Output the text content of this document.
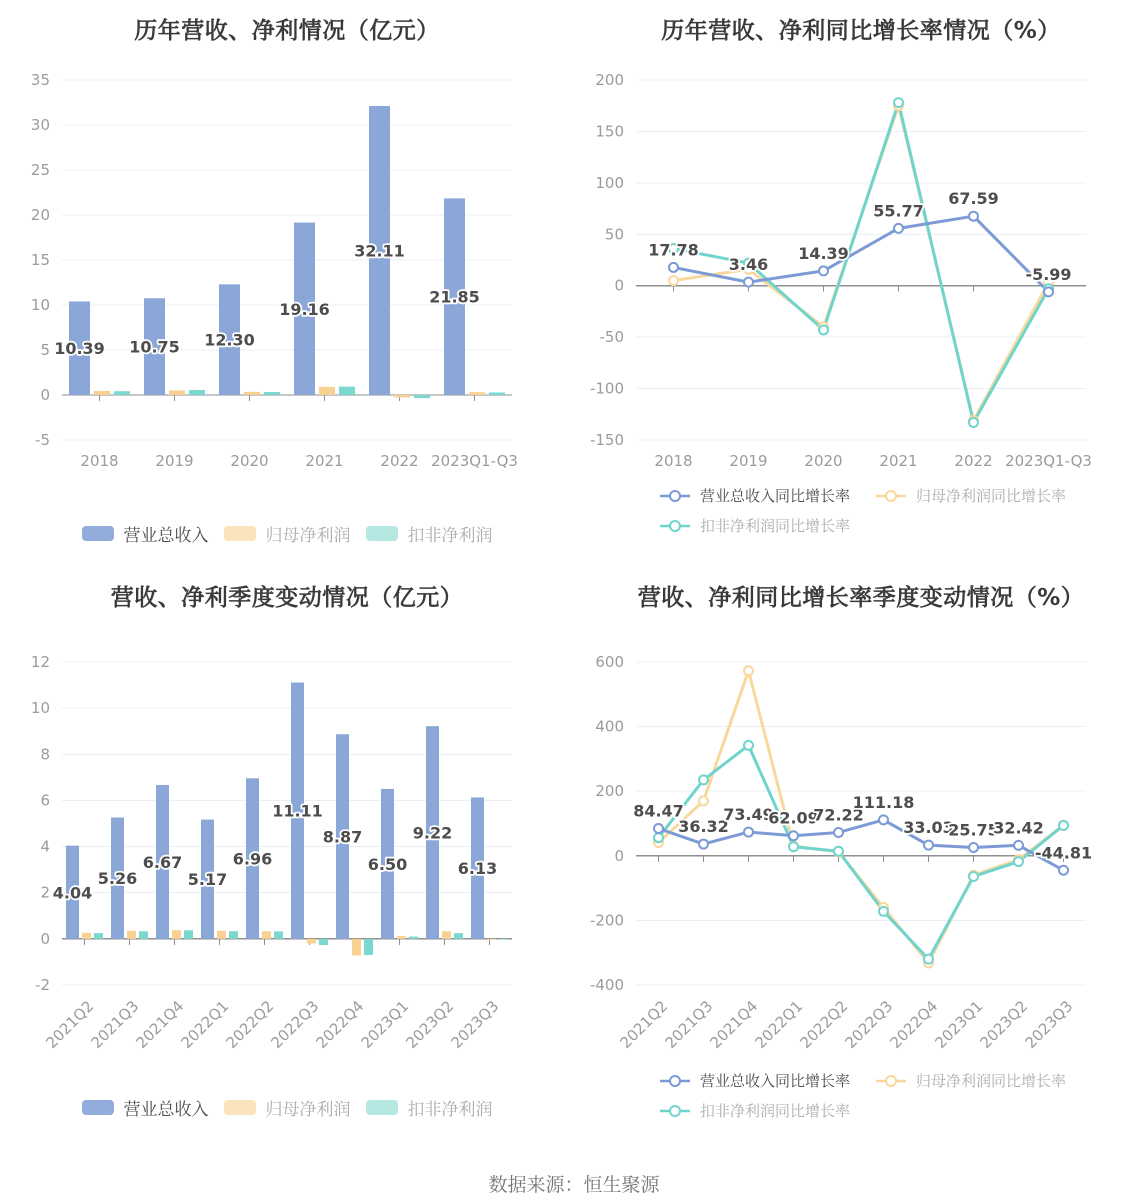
历年营收、净利情况（亿元）
-5
0
5
10
15
20
25
30
35
2018 2019 2020 2021 2022 2023Q1-Q3
10.39 10.75 12.30
19.16
32.11
21.85
营业总收入	归母净利润	扣非净利润
历年营收、净利同比增长率情况（%）
-150
-100
-50
0
50
100
150
200
2018 2019 2020 2021 2022 2023Q1-Q3
17.78
3.46
14.39
55.77
67.59
-5.99
营业总收入同比增长率	归母净利润同比增长率
扣非净利润同比增长率
营收、净利季度变动情况（亿元）
-2
0
2
4
6
8
10
12
2021Q2
2021Q3
2021Q4
2022Q1
2022Q2
2022Q3
2022Q4
2023Q1
2023Q2
2023Q3
4.04
5.26
6.67
5.17
6.96
11.11
8.87
6.50
9.22
6.13
营业总收入	归母净利润	扣非净利润
营收、净利同比增长率季度变动情况（%）
-400
-200
0
200
400
600
2021Q2
2021Q3
2021Q4
2022Q1
2022Q2
2022Q3
2022Q4
2023Q1
2023Q2
2023Q3
84.47
36.32
73.49
62.09
72.22
111.18
33.03
25.75
32.42
-44.81
营业总收入同比增长率	归母净利润同比增长率
扣非净利润同比增长率
数据来源：恒生聚源
